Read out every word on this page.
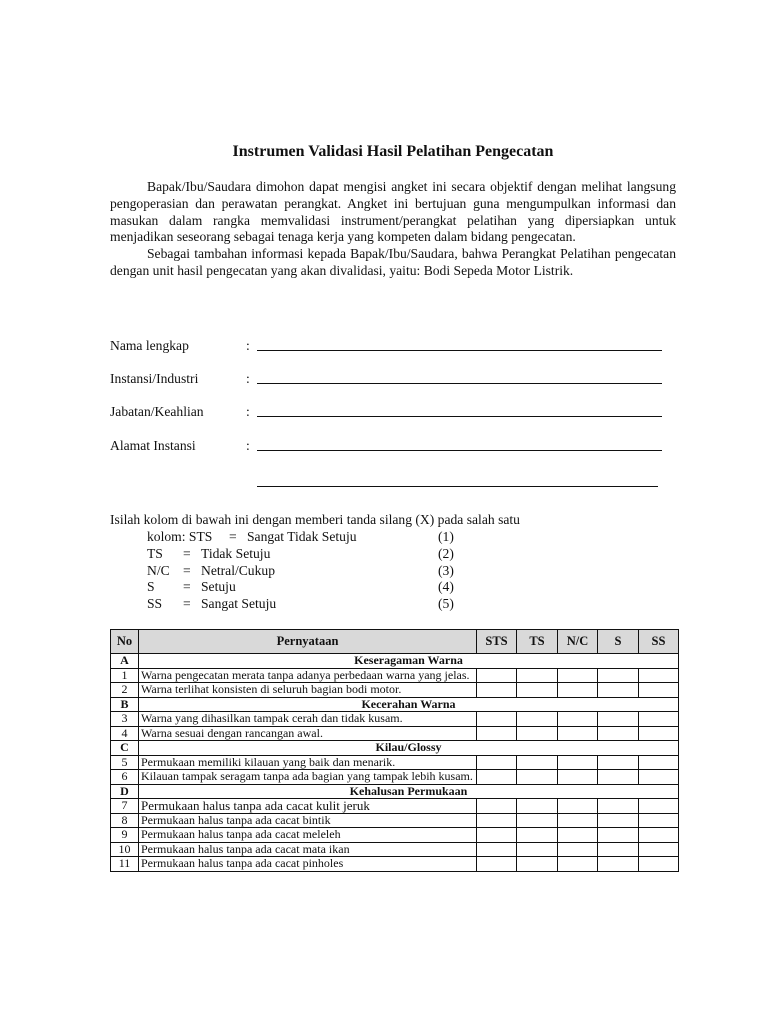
Instrumen Validasi Hasil Pelatihan Pengecatan

Bapak/Ibu/Saudara dimohon dapat mengisi angket ini secara objektif dengan melihat langsung pengoperasian dan perawatan perangkat. Angket ini bertujuan guna mengumpulkan informasi dan masukan dalam rangka memvalidasi instrument/perangkat pelatihan yang dipersiapkan untuk menjadikan seseorang sebagai tenaga kerja yang kompeten dalam bidang pengecatan.

Sebagai tambahan informasi kepada Bapak/Ibu/Saudara, bahwa Perangkat Pelatihan pengecatan dengan unit hasil pengecatan yang akan divalidasi, yaitu: Bodi Sepeda Motor Listrik.

Nama lengkap	:
Instansi/Industri	:
Jabatan/Keahlian	:
Alamat Instansi	:
Isilah kolom di bawah ini dengan memberi tanda silang (X) pada salah satu
kolom: STS = Sangat Tidak Setuju	(1)
TS = Tidak Setuju	(2)
N/C = Netral/Cukup	(3)
S = Setuju	(4)
SS = Sangat Setuju	(5)
No	Pernyataan	STS	TS	N/C	S	SS
A	Keseragaman Warna					
1	Warna pengecatan merata tanpa adanya perbedaan warna yang jelas.					
2	Warna terlihat konsisten di seluruh bagian bodi motor.					
B	Kecerahan Warna					
3	Warna yang dihasilkan tampak cerah dan tidak kusam.					
4	Warna sesuai dengan rancangan awal.					
C	Kilau/Glossy					
5	Permukaan memiliki kilauan yang baik dan menarik.					
6	Kilauan tampak seragam tanpa ada bagian yang tampak lebih kusam.					
D	Kehalusan Permukaan					
7	Permukaan halus tanpa ada cacat kulit jeruk					
8	Permukaan halus tanpa ada cacat bintik					
9	Permukaan halus tanpa ada cacat meleleh					
10	Permukaan halus tanpa ada cacat mata ikan					
11	Permukaan halus tanpa ada cacat pinholes					
